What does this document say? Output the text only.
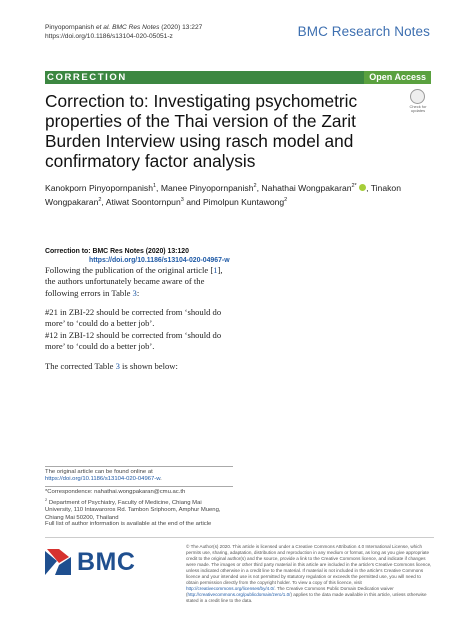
Pinyopornpanish et al. BMC Res Notes (2020) 13:227
https://doi.org/10.1186/s13104-020-05051-z	BMC Research Notes
CORRECTION	Open Access
Check for updates
Correction to: Investigating psychometric properties of the Thai version of the Zarit Burden Interview using rasch model and confirmatory factor analysis
Kanokporn Pinyopornpanish$^1$, Manee Pinyopornpanish$^2$, Nahathai Wongpakaran$^{2*}$ , Tinakon Wongpakaran$^2$, Atiwat Soontornpun$^3$ and Pimolpun Kuntawong$^2$
Correction to: BMC Res Notes (2020) 13:120
https://doi.org/10.1186/s13104-020-04967-w
Following the publication of the original article [1], the authors unfortunately became aware of the following errors in Table 3:
#21 in ZBI-22 should be corrected from ‘should do more’ to ‘could do a better job’.
#12 in ZBI-12 should be corrected from ‘should do more’ to ‘could do a better job’.
The corrected Table 3 is shown below:
The original article can be found online at https://doi.org/10.1186/s13104-020-04967-w.
*Correspondence: nahathai.wongpakaran@cmu.ac.th
$^2$ Department of Psychiatry, Faculty of Medicine, Chiang Mai University, 110 Intawaroros Rd. Tambon Sriphoom, Amphur Mueng, Chiang Mai 50200, Thailand
Full list of author information is available at the end of the article
BMC
© The Author(s) 2020. This article is licensed under a Creative Commons Attribution 4.0 International License, which permits use, sharing, adaptation, distribution and reproduction in any medium or format, as long as you give appropriate credit to the original author(s) and the source, provide a link to the Creative Commons licence, and indicate if changes were made. The images or other third party material in this article are included in the article’s Creative Commons licence, unless indicated otherwise in a credit line to the material. If material is not included in the article’s Creative Commons licence and your intended use is not permitted by statutory regulation or exceeds the permitted use, you will need to obtain permission directly from the copyright holder. To view a copy of this licence, visit http://creativecommons.org/licenses/by/4.0/. The Creative Commons Public Domain Dedication waiver (http://creativecommons.org/publicdomain/zero/1.0/) applies to the data made available in this article, unless otherwise stated in a credit line to the data.
